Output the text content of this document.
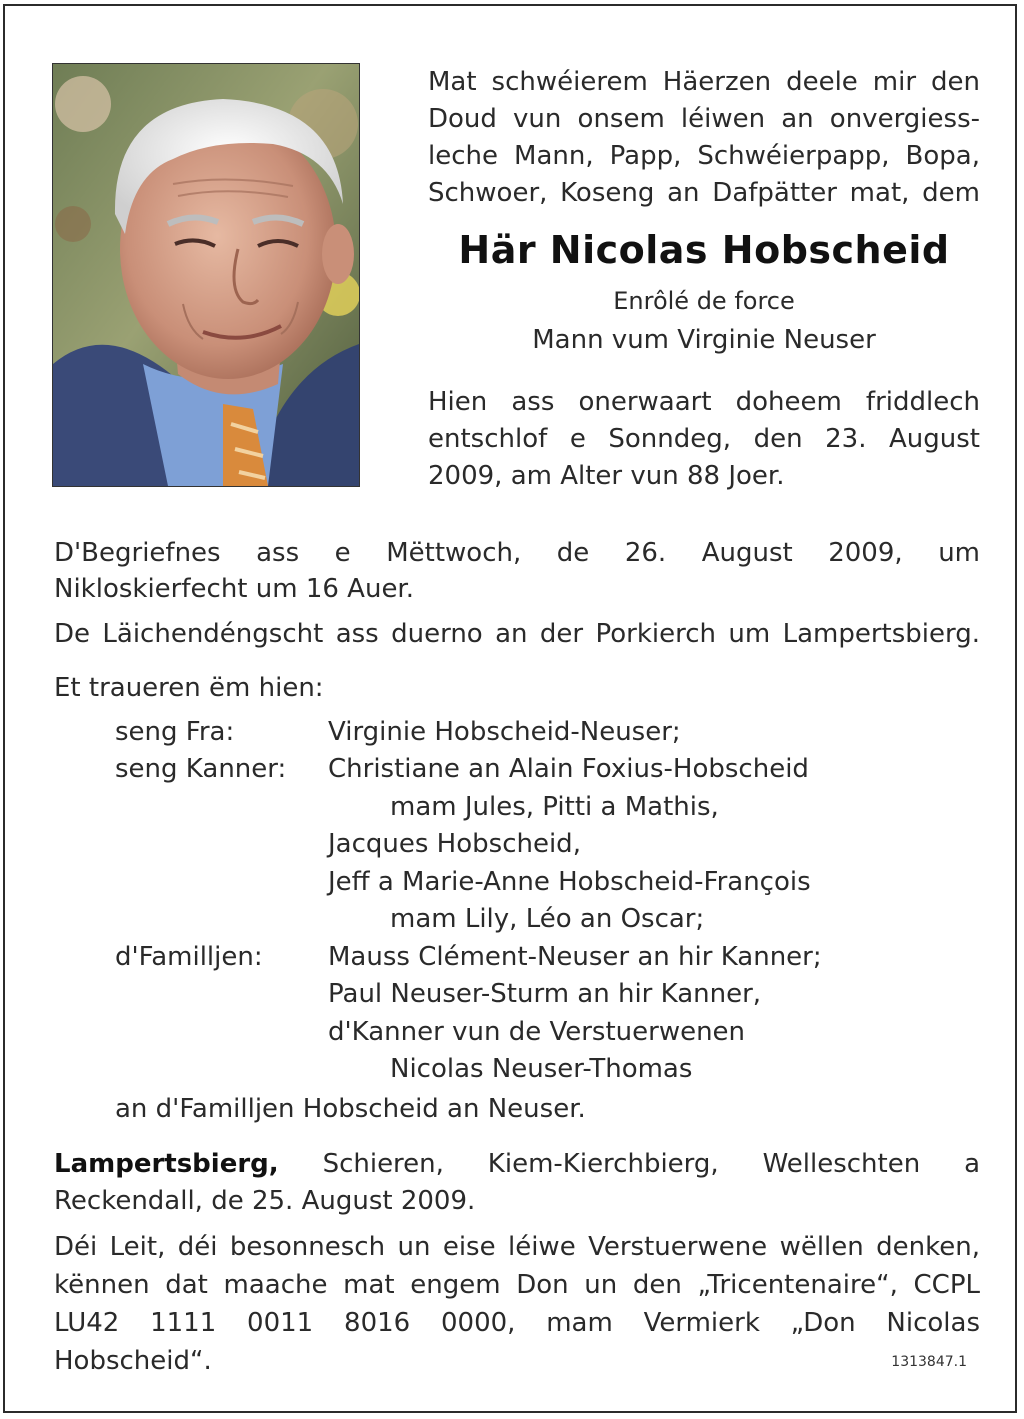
Mat schwéierem Häerzen deele mir den
Doud vun onsem léiwen an onvergiess-
leche Mann, Papp, Schwéierpapp, Bopa,
Schwoer, Koseng an Dafpätter mat, dem
Här Nicolas Hobscheid
Enrôlé de force
Mann vum Virginie Neuser
Hien ass onerwaart doheem friddlech
entschlof e Sonndeg, den 23. August
2009, am Alter vun 88 Joer.
D'Begriefnes ass e Mëttwoch, de 26. August 2009, um
Nikloskierfecht um 16 Auer.
De Läichendéngscht ass duerno an der Porkierch um Lampertsbierg.
Et traueren ëm hien:
seng Fra:	Virginie Hobscheid-Neuser;
seng Kanner: Christiane an Alain Foxius-Hobscheid
mam Jules, Pitti a Mathis,
Jacques Hobscheid,
Jeff a Marie-Anne Hobscheid-François
mam Lily, Léo an Oscar;
d'Familljen:	Mauss Clément-Neuser an hir Kanner;
Paul Neuser-Sturm an hir Kanner,
d'Kanner vun de Verstuerwenen
Nicolas Neuser-Thomas
an d'Familljen Hobscheid an Neuser.
Lampertsbierg, Schieren, Kiem-Kierchbierg, Welleschten a
Reckendall, de 25. August 2009.
Déi Leit, déi besonnesch un eise léiwe Verstuerwene wëllen denken,
kënnen dat maache mat engem Don un den „Tricentenaire“, CCPL
LU42 1111 0011 8016 0000, mam Vermierk „Don Nicolas
Hobscheid“.	1313847.1
